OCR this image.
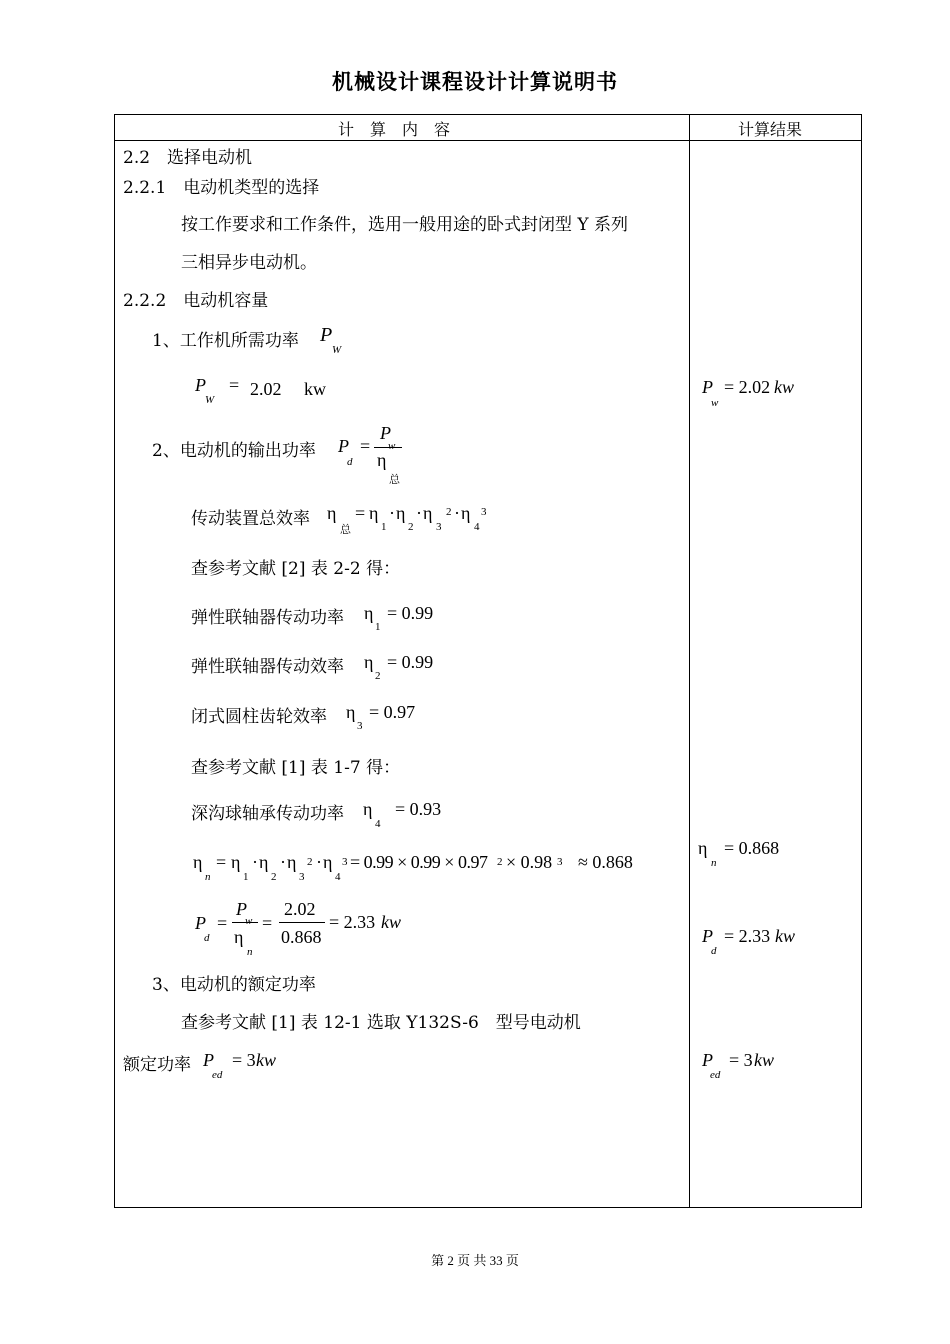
机械设计课程设计计算说明书
计　算　内　容	计算结果
2.2　选择电动机
2.2.1　电动机类型的选择
按工作要求和工作条件，选用一般用途的卧式封闭型 Y 系列
三相异步电动机。
2.2.2　电动机容量
1、工作机所需功率 P
W
P
W
= 2.02　 kw
2、电动机的输出功率 P
d
=
P
w
η
总
传动装置总效率 η
总
= η
1
· η
2
· η
3
2 · η
4
3
查参考文献 [2] 表 2-2 得：
弹性联轴器传动功率 η
1
= 0.99
弹性联轴器传动效率 η
2
= 0.99
闭式圆柱齿轮效率 η
3
= 0.97
查参考文献 [1] 表 1-7 得：
深沟球轴承传动功率 η
4
= 0.93
η
n
= η
1
· η
2
· η
3
2 · η
4
3 = 0.99 × 0.99 × 0.97 2 × 0.98 3 ≈ 0.868
P
d
=
P
w
η
n
=
2.02
0.868
= 2.33 kw
3、电动机的额定功率
查参考文献 [1] 表 12-1 选取 Y132S-6　型号电动机
额定功率 P
ed
= 3 kw
P
w
= 2.02 kw
η
n
= 0.868
P
d
= 2.33 kw
P
ed
= 3 kw
第 2 页 共 33 页
